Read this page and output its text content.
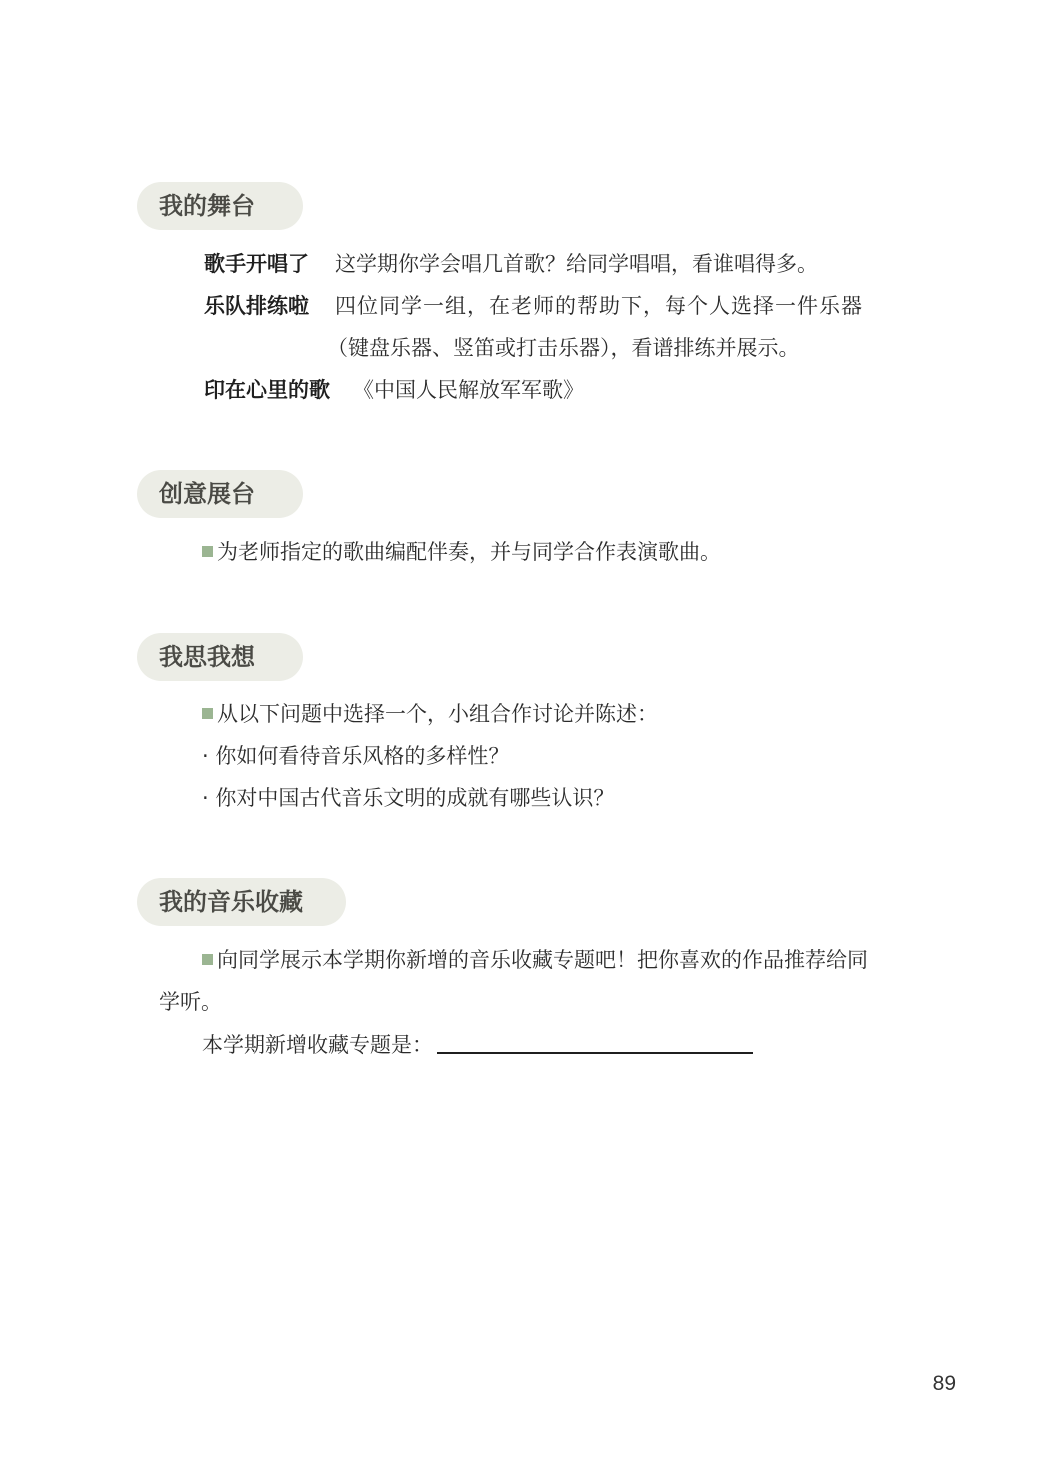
我的舞台
歌手开唱了 这学期你学会唱几首歌？给同学唱唱，看谁唱得多。
乐队排练啦 四位同学一组，在老师的帮助下，每个人选择一件乐器
（键盘乐器、竖笛或打击乐器），看谱排练并展示。
印在心里的歌 《中国人民解放军军歌》
创意展台
为老师指定的歌曲编配伴奏，并与同学合作表演歌曲。
我思我想
从以下问题中选择一个，小组合作讨论并陈述：
· 你如何看待音乐风格的多样性？
· 你对中国古代音乐文明的成就有哪些认识？
我的音乐收藏
向同学展示本学期你新增的音乐收藏专题吧！把你喜欢的作品推荐给同
学听。
本学期新增收藏专题是：
89
